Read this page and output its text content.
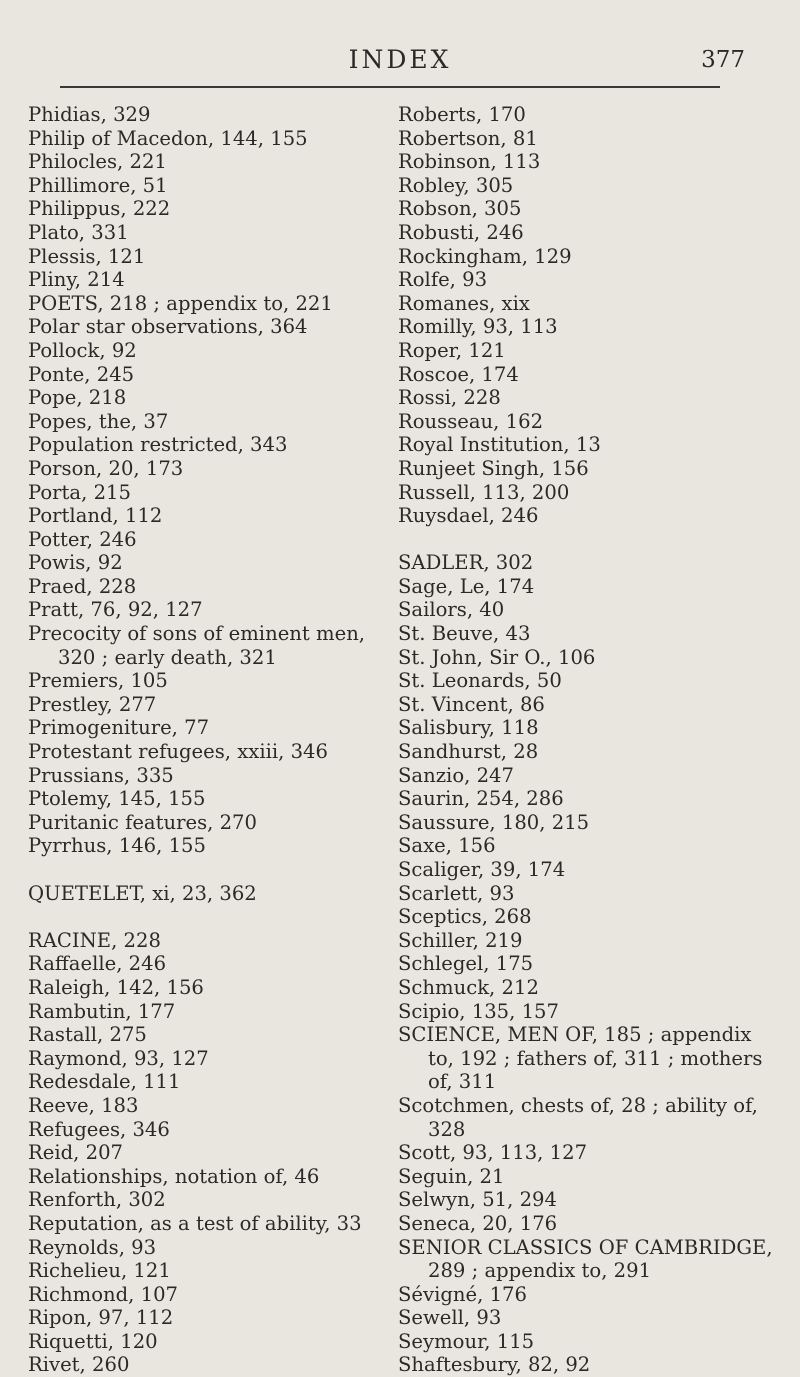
INDEX	377
Phidias, 329
Philip of Macedon, 144, 155
Philocles, 221
Phillimore, 51
Philippus, 222
Plato, 331
Plessis, 121
Pliny, 214
POETS, 218 ; appendix to, 221
Polar star observations, 364
Pollock, 92
Ponte, 245
Pope, 218
Popes, the, 37
Population restricted, 343
Porson, 20, 173
Porta, 215
Portland, 112
Potter, 246
Powis, 92
Praed, 228
Pratt, 76, 92, 127
Precocity of sons of eminent men, 320 ; early death, 321
Premiers, 105
Prestley, 277
Primogeniture, 77
Protestant refugees, xxiii, 346
Prussians, 335
Ptolemy, 145, 155
Puritanic features, 270
Pyrrhus, 146, 155
QUETELET, xi, 23, 362
RACINE, 228
Raffaelle, 246
Raleigh, 142, 156
Rambutin, 177
Rastall, 275
Raymond, 93, 127
Redesdale, 111
Reeve, 183
Refugees, 346
Reid, 207
Relationships, notation of, 46
Renforth, 302
Reputation, as a test of ability, 33
Reynolds, 93
Richelieu, 121
Richmond, 107
Ripon, 97, 112
Riquetti, 120
Rivet, 260
Roberts, 170
Robertson, 81
Robinson, 113
Robley, 305
Robson, 305
Robusti, 246
Rockingham, 129
Rolfe, 93
Romanes, xix
Romilly, 93, 113
Roper, 121
Roscoe, 174
Rossi, 228
Rousseau, 162
Royal Institution, 13
Runjeet Singh, 156
Russell, 113, 200
Ruysdael, 246
SADLER, 302
Sage, Le, 174
Sailors, 40
St. Beuve, 43
St. John, Sir O., 106
St. Leonards, 50
St. Vincent, 86
Salisbury, 118
Sandhurst, 28
Sanzio, 247
Saurin, 254, 286
Saussure, 180, 215
Saxe, 156
Scaliger, 39, 174
Scarlett, 93
Sceptics, 268
Schiller, 219
Schlegel, 175
Schmuck, 212
Scipio, 135, 157
SCIENCE, MEN OF, 185 ; appendix to, 192 ; fathers of, 311 ; mothers of, 311
Scotchmen, chests of, 28 ; ability of, 328
Scott, 93, 113, 127
Seguin, 21
Selwyn, 51, 294
Seneca, 20, 176
SENIOR CLASSICS OF CAMBRIDGE, 289 ; appendix to, 291
Sévigné, 176
Sewell, 93
Seymour, 115
Shaftesbury, 82, 92
